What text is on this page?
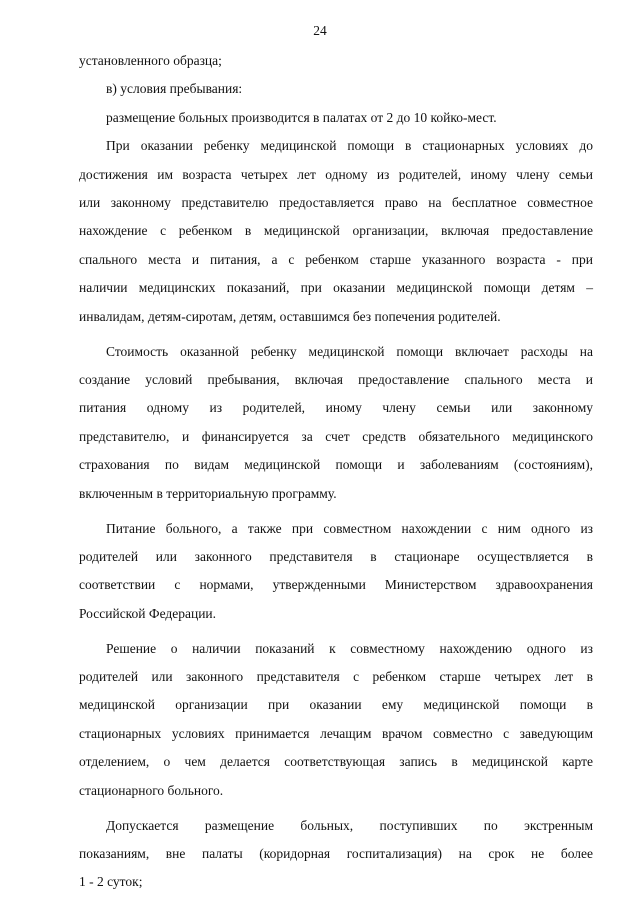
24
установленного образца;
в) условия пребывания:
размещение больных производится в палатах от 2 до 10 койко-мест.
При оказании ребенку медицинской помощи в стационарных условиях до
достижения им возраста четырех лет одному из родителей, иному члену семьи
или законному представителю предоставляется право на бесплатное совместное
нахождение с ребенком в медицинской организации, включая предоставление
спального места и питания, а с ребенком старше указанного возраста - при
наличии медицинских показаний, при оказании медицинской помощи детям –
инвалидам, детям-сиротам, детям, оставшимся без попечения родителей.
Стоимость оказанной ребенку медицинской помощи включает расходы на
создание условий пребывания, включая предоставление спального места и
питания одному из родителей, иному члену семьи или законному
представителю, и финансируется за счет средств обязательного медицинского
страхования по видам медицинской помощи и заболеваниям (состояниям),
включенным в территориальную программу.
Питание больного, а также при совместном нахождении с ним одного из
родителей или законного представителя в стационаре осуществляется в
соответствии с нормами, утвержденными Министерством здравоохранения
Российской Федерации.
Решение о наличии показаний к совместному нахождению одного из
родителей или законного представителя с ребенком старше четырех лет в
медицинской организации при оказании ему медицинской помощи в
стационарных условиях принимается лечащим врачом совместно с заведующим
отделением, о чем делается соответствующая запись в медицинской карте
стационарного больного.
Допускается размещение больных, поступивших по экстренным
показаниям, вне палаты (коридорная госпитализация) на срок не более
1 - 2 суток;
